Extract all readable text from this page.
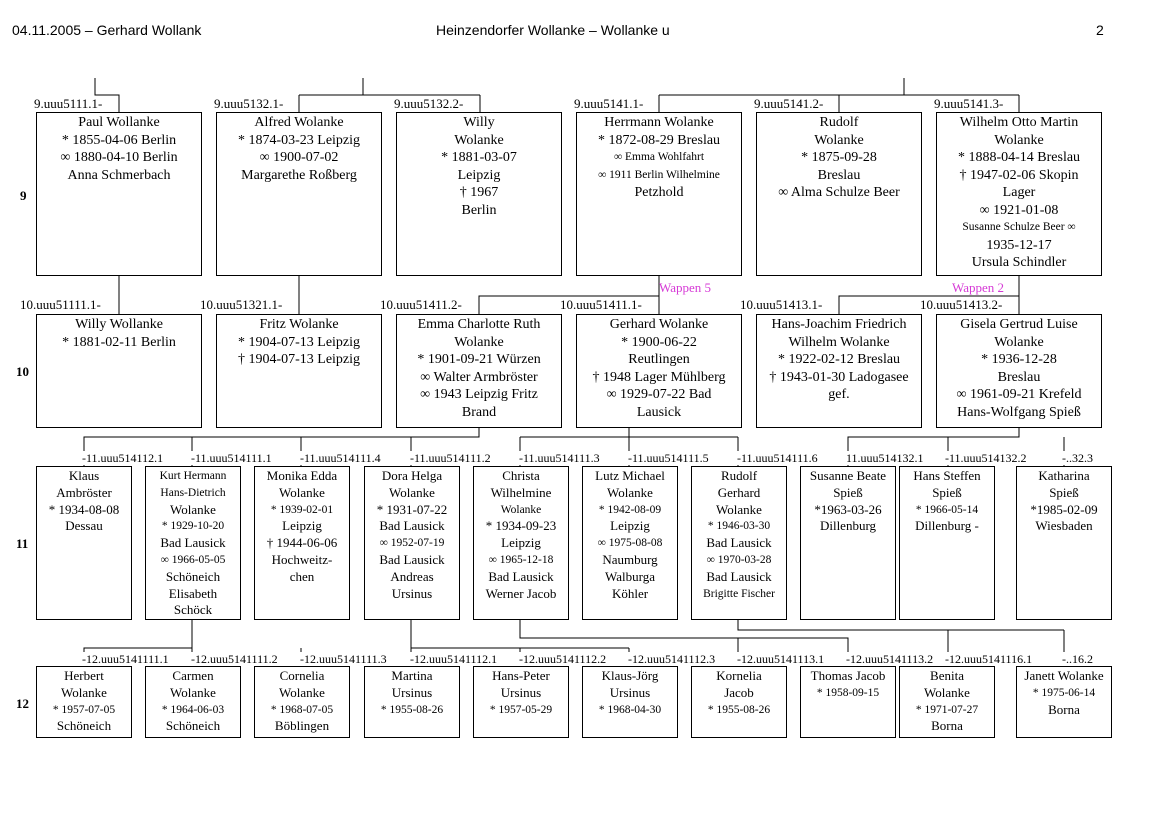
04.11.2005 – Gerhard Wollank	Heinzendorfer Wollanke – Wollanke u	2
9
10
11
12
Wappen 5	Wappen 2
9.uuu5111.1-
Paul Wollanke
* 1855-04-06 Berlin
∞ 1880-04-10 Berlin
Anna Schmerbach
9.uuu5132.1-
Alfred Wolanke
* 1874-03-23 Leipzig
∞ 1900-07-02
Margarethe Roßberg
9.uuu5132.2-
Willy
Wolanke
* 1881-03-07
Leipzig
† 1967
Berlin
9.uuu5141.1-
Herrmann Wolanke
* 1872-08-29 Breslau
∞ Emma Wohlfahrt
∞ 1911 Berlin Wilhelmine
Petzhold
9.uuu5141.2-
Rudolf
Wolanke
* 1875-09-28
Breslau
∞ Alma Schulze Beer
9.uuu5141.3-
Wilhelm Otto Martin
Wolanke
* 1888-04-14 Breslau
† 1947-02-06 Skopin
Lager
∞ 1921-01-08
Susanne Schulze Beer ∞
1935-12-17
Ursula Schindler
10.uuu51111.1-
Willy Wollanke
* 1881-02-11 Berlin
10.uuu51321.1-
Fritz Wolanke
* 1904-07-13 Leipzig
† 1904-07-13 Leipzig
10.uuu51411.2-
Emma Charlotte Ruth
Wolanke
* 1901-09-21 Würzen
∞ Walter Armbröster
∞ 1943 Leipzig Fritz
Brand
10.uuu51411.1-
Gerhard Wolanke
* 1900-06-22
Reutlingen
† 1948 Lager Mühlberg
∞ 1929-07-22 Bad
Lausick
10.uuu51413.1-
Hans-Joachim Friedrich
Wilhelm Wolanke
* 1922-02-12 Breslau
† 1943-01-30 Ladogasee
gef.
10.uuu51413.2-
Gisela Gertrud Luise
Wolanke
* 1936-12-28
Breslau
∞ 1961-09-21 Krefeld
Hans-Wolfgang Spieß
-11.uuu514112.1
Klaus
Ambröster
* 1934-08-08
Dessau
-11.uuu514111.1
Kurt Hermann
Hans-Dietrich
Wolanke
* 1929-10-20
Bad Lausick
∞ 1966-05-05
Schöneich
Elisabeth
Schöck
-11.uuu514111.4
Monika Edda
Wolanke
* 1939-02-01
Leipzig
† 1944-06-06
Hochweitz-
chen
-11.uuu514111.2
Dora Helga
Wolanke
* 1931-07-22
Bad Lausick
∞ 1952-07-19
Bad Lausick
Andreas
Ursinus
-11.uuu514111.3
Christa
Wilhelmine
Wolanke
* 1934-09-23
Leipzig
∞ 1965-12-18
Bad Lausick
Werner Jacob
-11.uuu514111.5
Lutz Michael
Wolanke
* 1942-08-09
Leipzig
∞ 1975-08-08
Naumburg
Walburga
Köhler
-11.uuu514111.6
Rudolf
Gerhard
Wolanke
* 1946-03-30
Bad Lausick
∞ 1970-03-28
Bad Lausick
Brigitte Fischer
11.uuu514132.1
Susanne Beate
Spieß
*1963-03-26
Dillenburg
-11.uuu514132.2
Hans Steffen
Spieß
* 1966-05-14
Dillenburg -
-..32.3
Katharina
Spieß
*1985-02-09
Wiesbaden
-12.uuu5141111.1
Herbert
Wolanke
* 1957-07-05
Schöneich
-12.uuu5141111.2
Carmen
Wolanke
* 1964-06-03
Schöneich
-12.uuu5141111.3
Cornelia
Wolanke
* 1968-07-05
Böblingen
-12.uuu5141112.1
Martina
Ursinus
* 1955-08-26
-12.uuu5141112.2
Hans-Peter
Ursinus
* 1957-05-29
-12.uuu5141112.3
Klaus-Jörg
Ursinus
* 1968-04-30
-12.uuu5141113.1
Kornelia
Jacob
* 1955-08-26
-12.uuu5141113.2
Thomas Jacob
* 1958-09-15
-12.uuu5141116.1
Benita
Wolanke
* 1971-07-27
Borna
-..16.2
Janett Wolanke
* 1975-06-14
Borna
